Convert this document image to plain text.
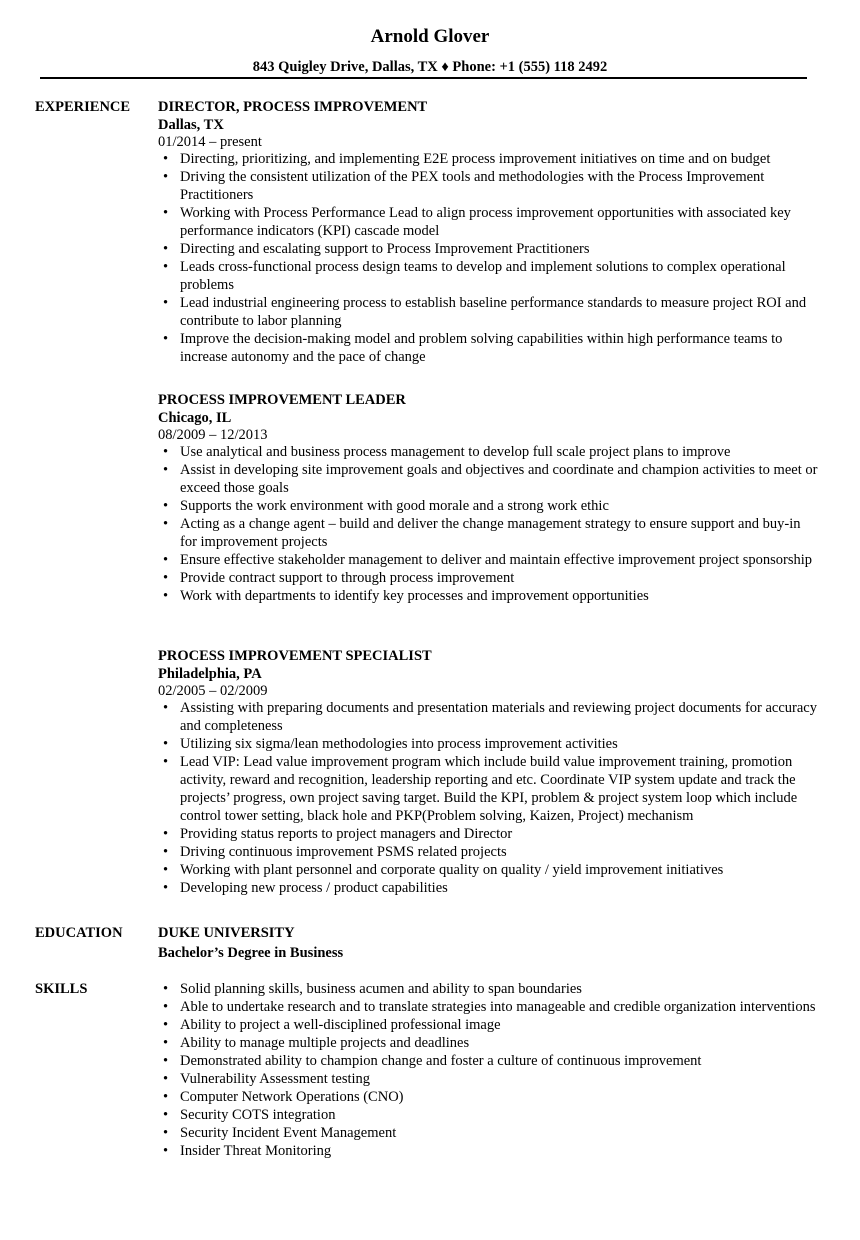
Arnold Glover
843 Quigley Drive, Dallas, TX ♦ Phone: +1 (555) 118 2492
EXPERIENCE DIRECTOR, PROCESS IMPROVEMENT
Dallas, TX
01/2014 – present
• Directing, prioritizing, and implementing E2E process improvement initiatives on time and on budget
• Driving the consistent utilization of the PEX tools and methodologies with the Process Improvement Practitioners
• Working with Process Performance Lead to align process improvement opportunities with associated key performance indicators (KPI) cascade model
• Directing and escalating support to Process Improvement Practitioners
• Leads cross-functional process design teams to develop and implement solutions to complex operational problems
• Lead industrial engineering process to establish baseline performance standards to measure project ROI and contribute to labor planning
• Improve the decision-making model and problem solving capabilities within high performance teams to increase autonomy and the pace of change
PROCESS IMPROVEMENT LEADER
Chicago, IL
08/2009 – 12/2013
• Use analytical and business process management to develop full scale project plans to improve
• Assist in developing site improvement goals and objectives and coordinate and champion activities to meet or exceed those goals
• Supports the work environment with good morale and a strong work ethic
• Acting as a change agent – build and deliver the change management strategy to ensure support and buy-in for improvement projects
• Ensure effective stakeholder management to deliver and maintain effective improvement project sponsorship
• Provide contract support to through process improvement
• Work with departments to identify key processes and improvement opportunities
PROCESS IMPROVEMENT SPECIALIST
Philadelphia, PA
02/2005 – 02/2009
• Assisting with preparing documents and presentation materials and reviewing project documents for accuracy and completeness
• Utilizing six sigma/lean methodologies into process improvement activities
• Lead VIP: Lead value improvement program which include build value improvement training, promotion activity, reward and recognition, leadership reporting and etc. Coordinate VIP system update and track the projects’ progress, own project saving target. Build the KPI, problem & project system loop which include control tower setting, black hole and PKP(Problem solving, Kaizen, Project) mechanism
• Providing status reports to project managers and Director
• Driving continuous improvement PSMS related projects
• Working with plant personnel and corporate quality on quality / yield improvement initiatives
• Developing new process / product capabilities
EDUCATION DUKE UNIVERSITY
Bachelor’s Degree in Business
SKILLS
•	Solid planning skills, business acumen and ability to span boundaries
• Able to undertake research and to translate strategies into manageable and credible organization interventions
• Ability to project a well-disciplined professional image
• Ability to manage multiple projects and deadlines
• Demonstrated ability to champion change and foster a culture of continuous improvement
• Vulnerability Assessment testing
• Computer Network Operations (CNO)
• Security COTS integration
• Security Incident Event Management
• Insider Threat Monitoring
